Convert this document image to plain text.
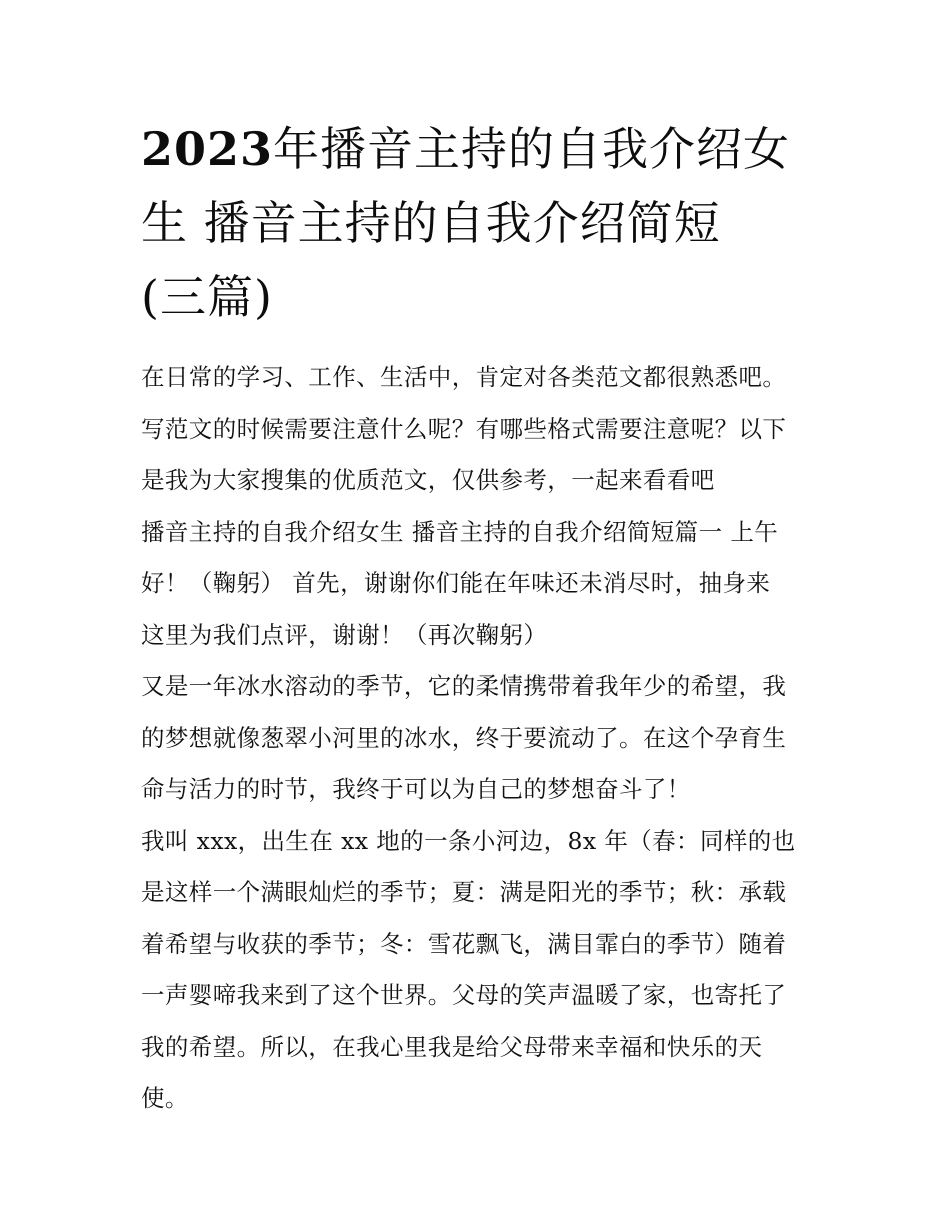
2023年播音主持的自我介绍女
生 播音主持的自我介绍简短
(三篇)

在日常的学习、工作、生活中，肯定对各类范文都很熟悉吧。

写范文的时候需要注意什么呢？有哪些格式需要注意呢？以下

是我为大家搜集的优质范文，仅供参考，一起来看看吧

播音主持的自我介绍女生 播音主持的自我介绍简短篇一 上午

好！（鞠躬） 首先，谢谢你们能在年味还未消尽时，抽身来

这里为我们点评，谢谢！（再次鞠躬）

又是一年冰水溶动的季节，它的柔情携带着我年少的希望，我

的梦想就像葱翠小河里的冰水，终于要流动了。在这个孕育生

命与活力的时节，我终于可以为自己的梦想奋斗了！

我叫 xxx，出生在 xx 地的一条小河边，8x 年（春：同样的也

是这样一个满眼灿烂的季节；夏：满是阳光的季节；秋：承载

着希望与收获的季节；冬：雪花飘飞，满目霏白的季节）随着

一声婴啼我来到了这个世界。父母的笑声温暖了家，也寄托了

我的希望。所以，在我心里我是给父母带来幸福和快乐的天

使。
